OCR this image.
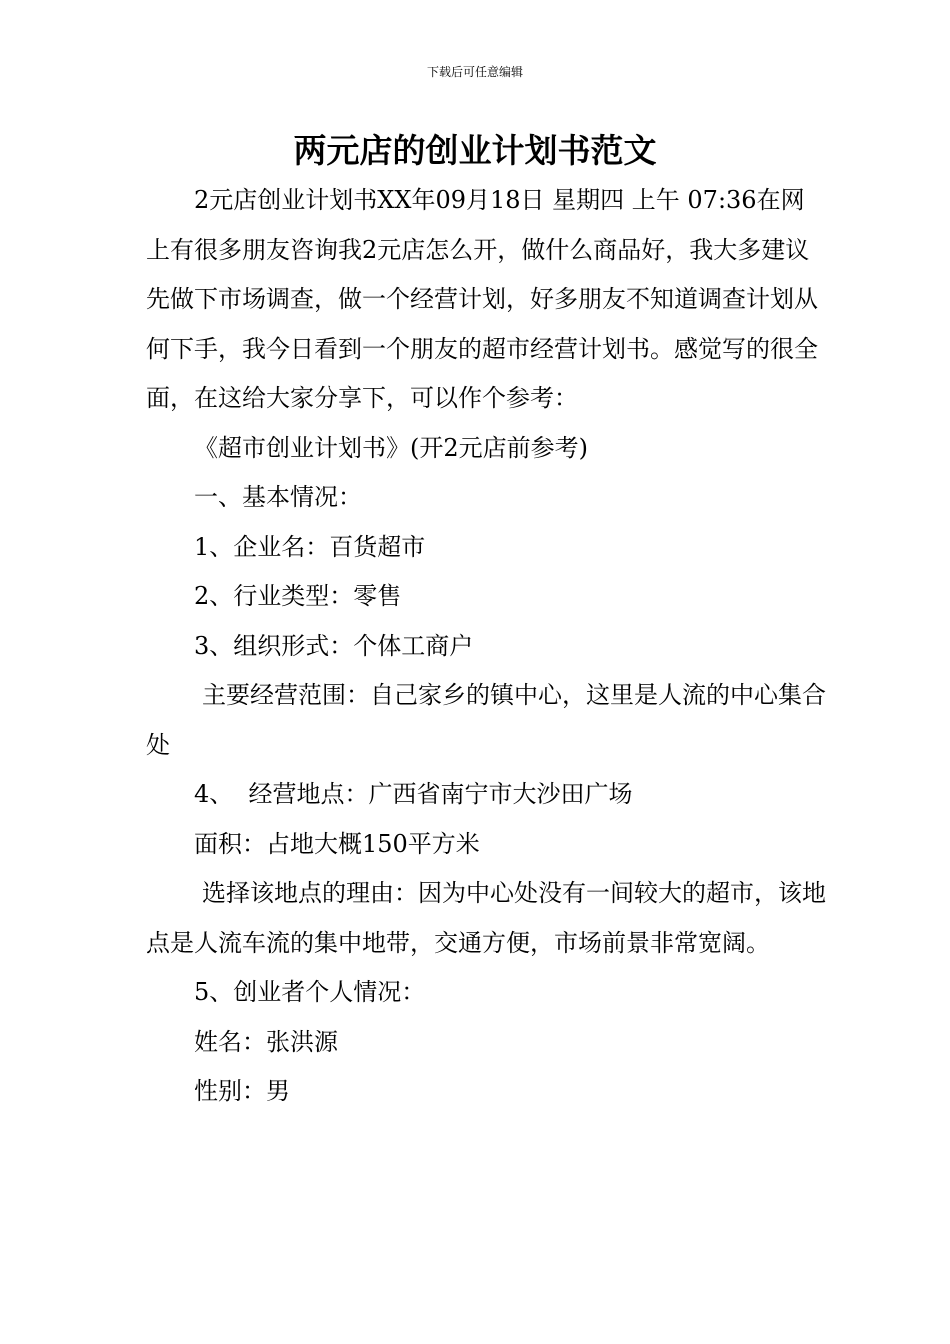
下载后可任意编辑
两元店的创业计划书范文

2元店创业计划书XX年09月18日 星期四 上午 07:36在网上有很多朋友咨询我2元店怎么开，做什么商品好，我大多建议先做下市场调查，做一个经营计划，好多朋友不知道调查计划从何下手，我今日看到一个朋友的超市经营计划书。感觉写的很全面，在这给大家分享下，可以作个参考：

《超市创业计划书》(开2元店前参考)

一、基本情况：

1、企业名：百货超市

2、行业类型：零售

3、组织形式：个体工商户

主要经营范围：自己家乡的镇中心，这里是人流的中心集合处

4、  经营地点：广西省南宁市大沙田广场

面积：占地大概150平方米

选择该地点的理由：因为中心处没有一间较大的超市，该地点是人流车流的集中地带，交通方便，市场前景非常宽阔。

5、创业者个人情况：

姓名：张洪源

性别：男
